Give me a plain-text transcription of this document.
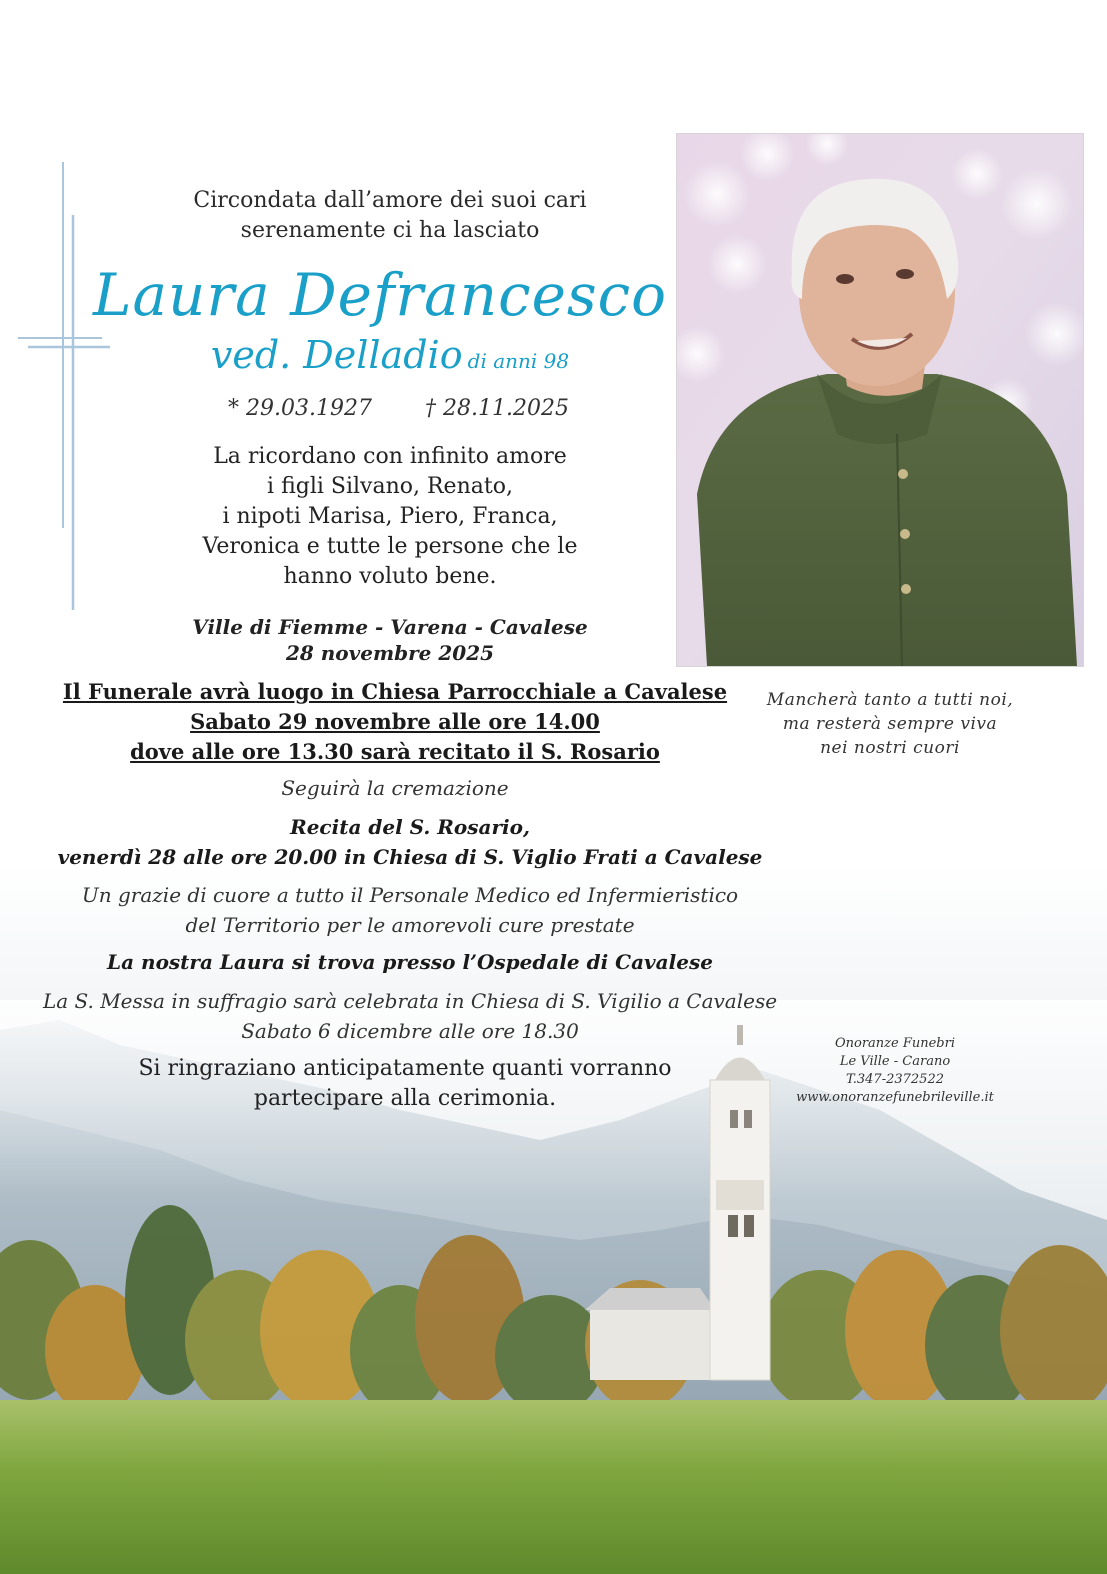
Circondata dall’amore dei suoi cari
serenamente ci ha lasciato
Laura Defrancesco
ved. Delladio di anni 98
* 29.03.1927 † 28.11.2025
La ricordano con infinito amore
i figli Silvano, Renato,
i nipoti Marisa, Piero, Franca,
Veronica e tutte le persone che le
hanno voluto bene.
Ville di Fiemme - Varena - Cavalese
28 novembre 2025
Il Funerale avrà luogo in Chiesa Parrocchiale a Cavalese
Sabato 29 novembre alle ore 14.00
dove alle ore 13.30 sarà recitato il S. Rosario
Seguirà la cremazione
Recita del S. Rosario,
venerdì 28 alle ore 20.00 in Chiesa di S. Viglio Frati a Cavalese
Un grazie di cuore a tutto il Personale Medico ed Infermieristico
del Territorio per le amorevoli cure prestate
La nostra Laura si trova presso l’Ospedale di Cavalese
La S. Messa in suffragio sarà celebrata in Chiesa di S. Vigilio a Cavalese
Sabato 6 dicembre alle ore 18.30
Si ringraziano anticipatamente quanti vorranno
partecipare alla cerimonia.
Mancherà tanto a tutti noi,
ma resterà sempre viva
nei nostri cuori
Onoranze Funebri
Le Ville - Carano
T.347-2372522
www.onoranzefunebrileville.it
